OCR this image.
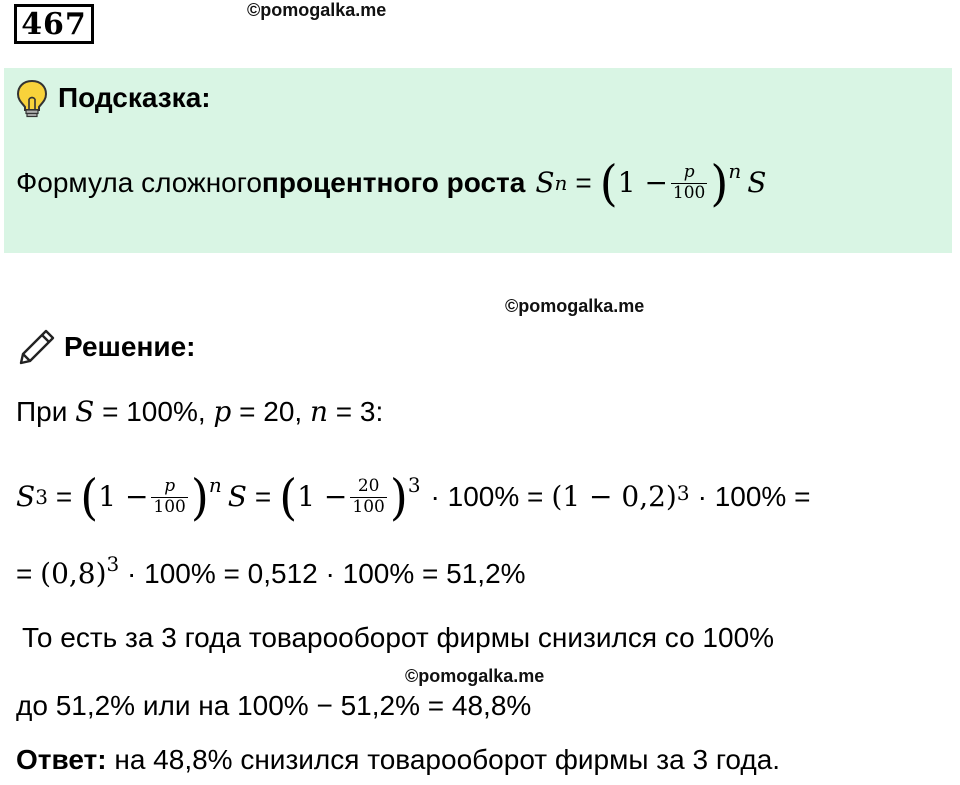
467	©pomogalka.me
©pomogalka.me
©pomogalka.me
Подсказка:
Формула сложного процентного роста S n = ( $1 - \frac{p}{100}$ ) n S
Решение:
При S = 100%, p = 20, n = 3:
S 3 = ( $1 - \frac{p}{100}$ ) n S = ( $1 - \frac{20}{100}$ ) 3 · 100% = (1 − 0,2) 3 · 100% =
= $(0,8)^3 \cdot 100\% = 0,512 \cdot 100\% = 51,2\%$
То есть за 3 года товарооборот фирмы снизился со 100%
до 51,2% или на 100% − 51,2% = 48,8%
Ответ: на 48,8% снизился товарооборот фирмы за 3 года.
